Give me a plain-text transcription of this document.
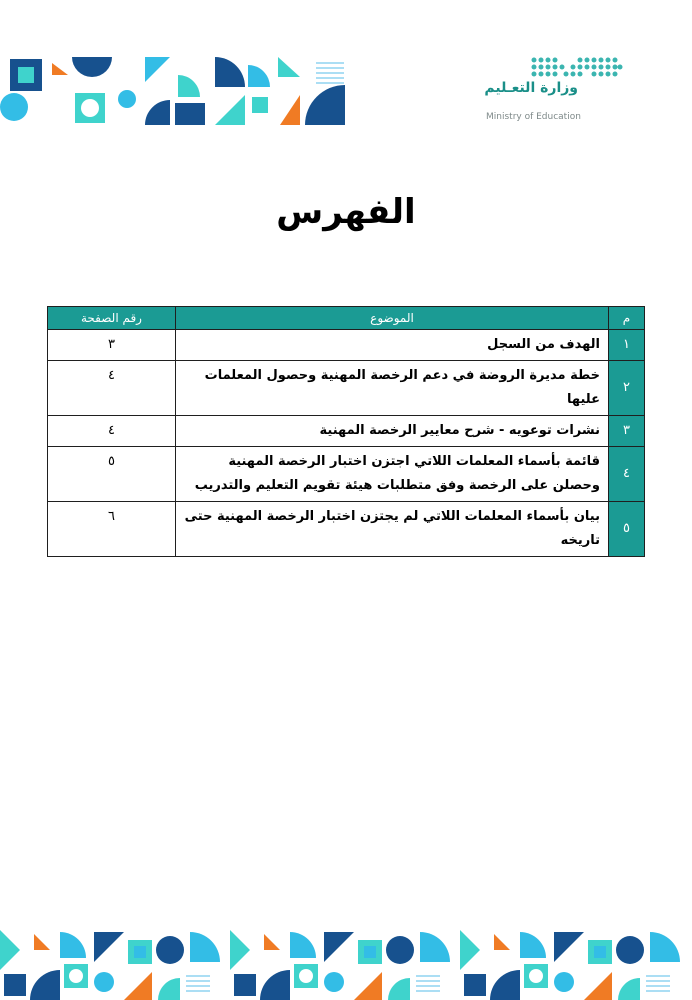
وزارة التعـليم
Ministry of Education
الفهرس
م	الموضوع	رقم الصفحة
١	الهدف من السجل	٣
٢	خطة مديرة الروضة في دعم الرخصة المهنية وحصول المعلمات عليها	٤
٣	نشرات توعويه - شرح معايير الرخصة المهنية	٤
٤	قائمة بأسماء المعلمات اللاتي اجتزن اختبار الرخصة المهنية وحصلن على الرخصة وفق متطلبات هيئة تقويم التعليم والتدريب	٥
٥	بيان بأسماء المعلمات اللاتي لم يجتزن اختبار الرخصة المهنية حتى تاريخه	٦
